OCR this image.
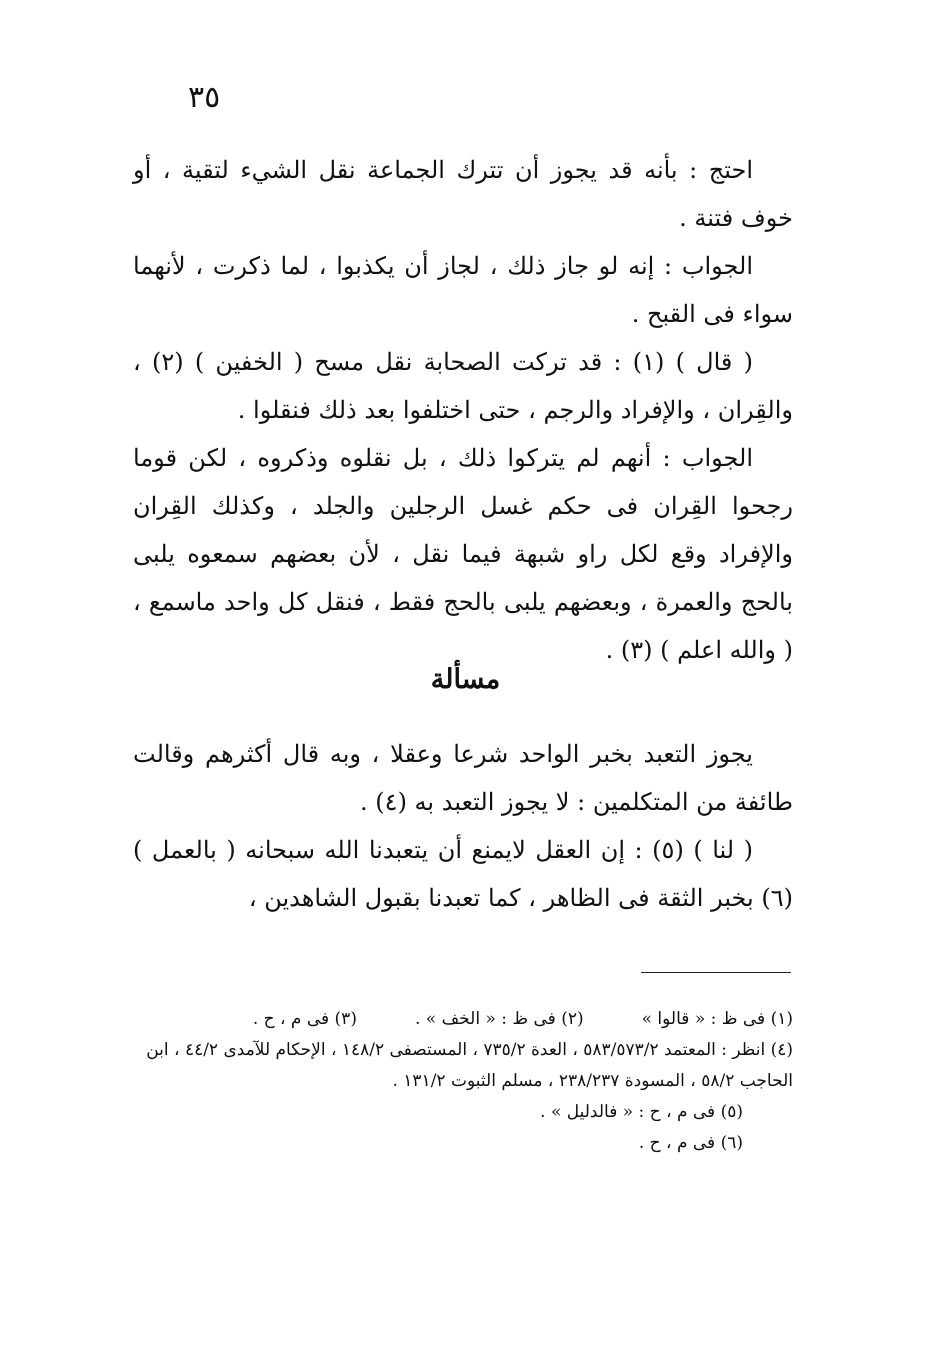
٣٥

احتج : بأنه قد يجوز أن تترك الجماعة نقل الشيء لتقية ، أو خوف فتنة .

الجواب : إنه لو جاز ذلك ، لجاز أن يكذبوا ، لما ذكرت ، لأنهما سواء فى القبح .

( قال ) (١) : قد تركت الصحابة نقل مسح ( الخفين ) (٢) ، والقِران ، والإفراد والرجم ، حتى اختلفوا بعد ذلك فنقلوا .

الجواب : أنهم لم يتركوا ذلك ، بل نقلوه وذكروه ، لكن قوما رجحوا القِران فى حكم غسل الرجلين والجلد ، وكذلك القِران والإفراد وقع لكل راو شبهة فيما نقل ، لأن بعضهم سمعوه يلبى بالحج والعمرة ، وبعضهم يلبى بالحج فقط ، فنقل كل واحد ماسمع ، ( والله اعلم ) (٣) .

مسألة

يجوز التعبد بخبر الواحد شرعا وعقلا ، وبه قال أكثرهم وقالت طائفة من المتكلمين : لا يجوز التعبد به (٤) .

( لنا ) (٥) : إن العقل لايمنع أن يتعبدنا الله سبحانه ( بالعمل ) (٦) بخبر الثقة فى الظاهر ، كما تعبدنا بقبول الشاهدين ،

(١) فى ظ : « قالوا »(٢) فى ظ : « الخف » .(٣) فى م ، ح .
(٤) انظر : المعتمد ٥٨٣/٥٧٣/٢ ، العدة ٧٣٥/٢ ، المستصفى ١٤٨/٢ ، الإحكام للآمدى ٤٤/٢ ، ابن الحاجب ٥٨/٢ ، المسودة ٢٣٨/٢٣٧ ، مسلم الثبوت ١٣١/٢ .
(٥) فى م ، ح : « فالدليل » .
(٦) فى م ، ح .
